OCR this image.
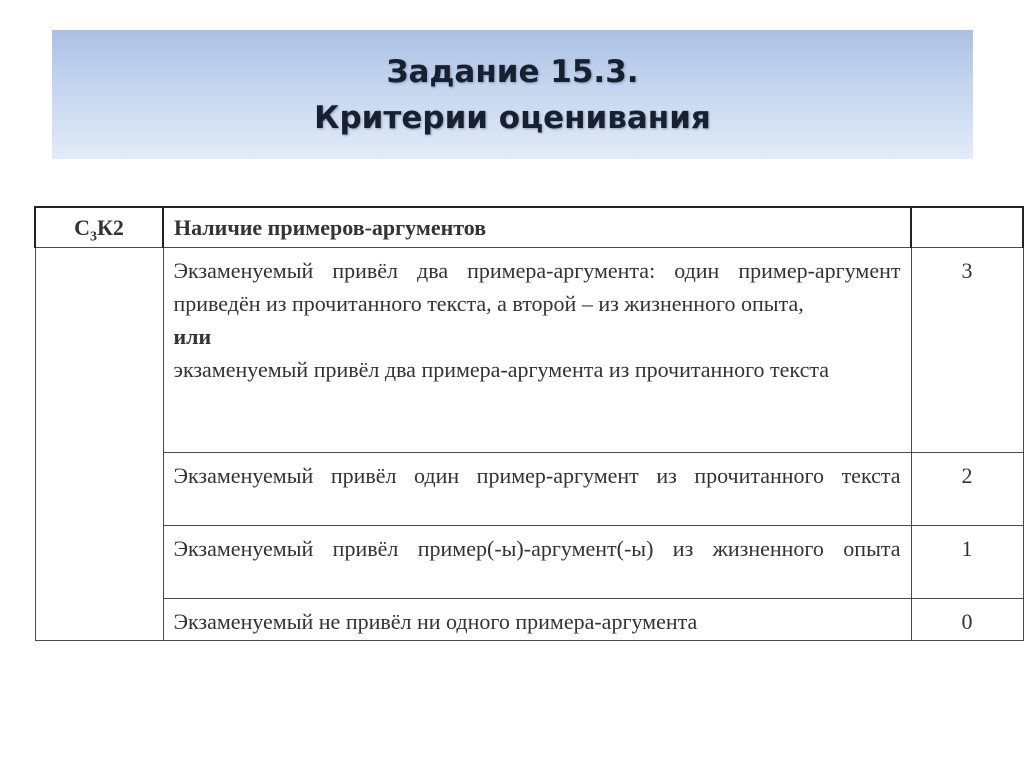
Задание 15.3.
Критерии оценивания
$С_3К2$	Наличие примеров-аргументов	

	Экзаменуемый привёл два примера-аргумента: один пример-аргумент приведён из прочитанного текста, а второй – из жизненного опыта,
или
экзаменуемый привёл два примера-аргумента из прочитанного текста	3
	Экзаменуемый привёл один пример-аргумент из прочитанного текста	2
	Экзаменуемый привёл пример(-ы)-аргумент(-ы) из жизненного опыта	1
	Экзаменуемый не привёл ни одного примера-аргумента	0
